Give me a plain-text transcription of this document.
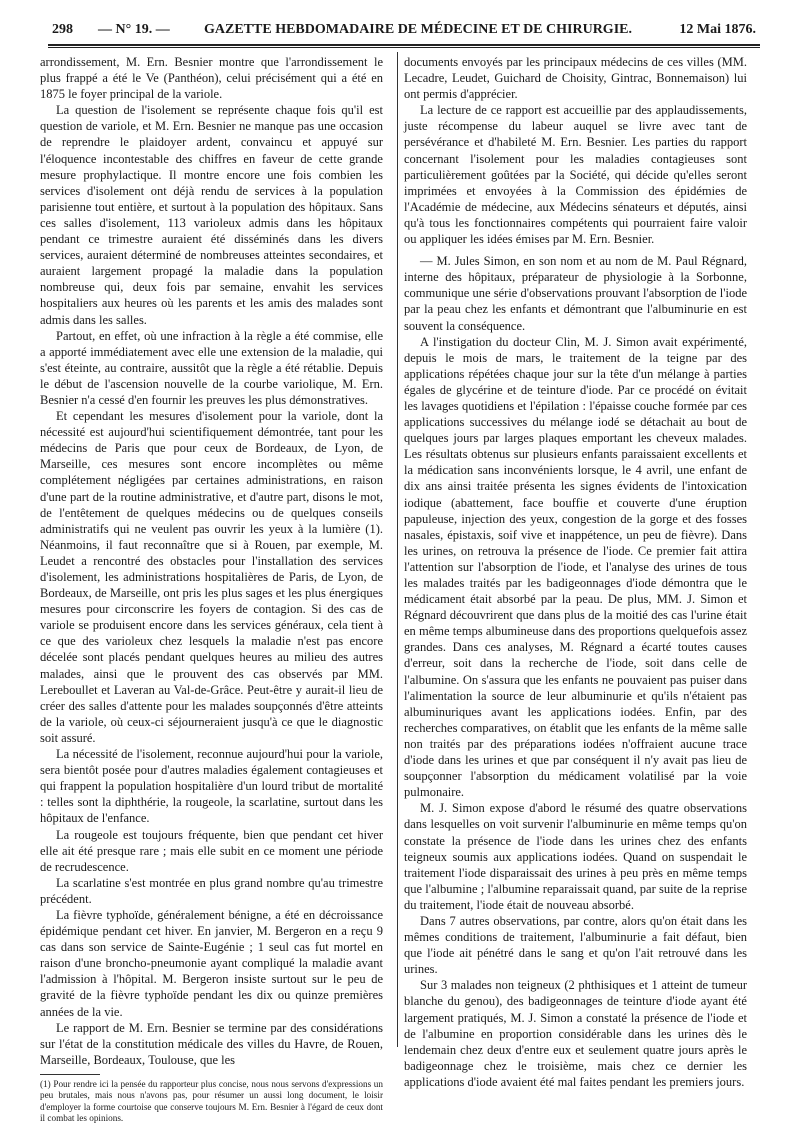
298 — N° 19. — GAZETTE HEBDOMADAIRE DE MÉDECINE ET DE CHIRURGIE.	12 Mai 1876.

arrondissement, M. Ern. Besnier montre que l'arrondissement le plus frappé a été le Ve (Panthéon), celui précisément qui a été en 1875 le foyer principal de la variole.

La question de l'isolement se représente chaque fois qu'il est question de variole, et M. Ern. Besnier ne manque pas une occasion de reprendre le plaidoyer ardent, convaincu et appuyé sur l'éloquence incontestable des chiffres en faveur de cette grande mesure prophylactique. Il montre encore une fois combien les services d'isolement ont déjà rendu de services à la population parisienne tout entière, et surtout à la population des hôpitaux. Sans ces salles d'isolement, 113 varioleux admis dans les hôpitaux pendant ce trimestre auraient été disséminés dans les divers services, auraient déterminé de nombreuses atteintes secondaires, et auraient largement propagé la maladie dans la population nombreuse qui, deux fois par semaine, envahit les services hospitaliers aux heures où les parents et les amis des malades sont admis dans les salles.

Partout, en effet, où une infraction à la règle a été commise, elle a apporté immédiatement avec elle une extension de la maladie, qui s'est éteinte, au contraire, aussitôt que la règle a été rétablie. Depuis le début de l'ascension nouvelle de la courbe variolique, M. Ern. Besnier n'a cessé d'en fournir les preuves les plus démonstratives.

Et cependant les mesures d'isolement pour la variole, dont la nécessité est aujourd'hui scientifiquement démontrée, tant pour les médecins de Paris que pour ceux de Bordeaux, de Lyon, de Marseille, ces mesures sont encore incomplètes ou même complétement négligées par certaines administrations, en raison d'une part de la routine administrative, et d'autre part, disons le mot, de l'entêtement de quelques médecins ou de quelques conseils administratifs qui ne veulent pas ouvrir les yeux à la lumière (1). Néanmoins, il faut reconnaître que si à Rouen, par exemple, M. Leudet a rencontré des obstacles pour l'installation des services d'isolement, les administrations hospitalières de Paris, de Lyon, de Bordeaux, de Marseille, ont pris les plus sages et les plus énergiques mesures pour circonscrire les foyers de contagion. Si des cas de variole se produisent encore dans les services généraux, cela tient à ce que des varioleux chez lesquels la maladie n'est pas encore décelée sont placés pendant quelques heures au milieu des autres malades, ainsi que le prouvent des cas observés par MM. Lereboullet et Laveran au Val-de-Grâce. Peut-être y aurait-il lieu de créer des salles d'attente pour les malades soupçonnés d'être atteints de la variole, où ceux-ci séjourneraient jusqu'à ce que le diagnostic soit assuré.

La nécessité de l'isolement, reconnue aujourd'hui pour la variole, sera bientôt posée pour d'autres maladies également contagieuses et qui frappent la population hospitalière d'un lourd tribut de mortalité : telles sont la diphthérie, la rougeole, la scarlatine, surtout dans les hôpitaux de l'enfance.

La rougeole est toujours fréquente, bien que pendant cet hiver elle ait été presque rare ; mais elle subit en ce moment une période de recrudescence.

La scarlatine s'est montrée en plus grand nombre qu'au trimestre précédent.

La fièvre typhoïde, généralement bénigne, a été en décroissance épidémique pendant cet hiver. En janvier, M. Bergeron en a reçu 9 cas dans son service de Sainte-Eugénie ; 1 seul cas fut mortel en raison d'une broncho-pneumonie ayant compliqué la maladie avant l'admission à l'hôpital. M. Bergeron insiste surtout sur le peu de gravité de la fièvre typhoïde pendant les dix ou quinze premières années de la vie.

Le rapport de M. Ern. Besnier se termine par des considérations sur l'état de la constitution médicale des villes du Havre, de Rouen, Marseille, Bordeaux, Toulouse, que les

(1) Pour rendre ici la pensée du rapporteur plus concise, nous nous servons d'expressions un peu brutales, mais nous n'avons pas, pour résumer un aussi long document, le loisir d'employer la forme courtoise que conserve toujours M. Ern. Besnier à l'égard de ceux dont il combat les opinions.

documents envoyés par les principaux médecins de ces villes (MM. Lecadre, Leudet, Guichard de Choisity, Gintrac, Bonnemaison) lui ont permis d'apprécier.

La lecture de ce rapport est accueillie par des applaudissements, juste récompense du labeur auquel se livre avec tant de persévérance et d'habileté M. Ern. Besnier. Les parties du rapport concernant l'isolement pour les maladies contagieuses sont particulièrement goûtées par la Société, qui décide qu'elles seront imprimées et envoyées à la Commission des épidémies de l'Académie de médecine, aux Médecins sénateurs et députés, ainsi qu'à tous les fonctionnaires compétents qui pourraient faire valoir ou appliquer les idées émises par M. Ern. Besnier.

— M. Jules Simon, en son nom et au nom de M. Paul Régnard, interne des hôpitaux, préparateur de physiologie à la Sorbonne, communique une série d'observations prouvant l'absorption de l'iode par la peau chez les enfants et démontrant que l'albuminurie en est souvent la conséquence.

A l'instigation du docteur Clin, M. J. Simon avait expérimenté, depuis le mois de mars, le traitement de la teigne par des applications répétées chaque jour sur la tête d'un mélange à parties égales de glycérine et de teinture d'iode. Par ce procédé on évitait les lavages quotidiens et l'épilation : l'épaisse couche formée par ces applications successives du mélange iodé se détachait au bout de quelques jours par larges plaques emportant les cheveux malades. Les résultats obtenus sur plusieurs enfants paraissaient excellents et la médication sans inconvénients lorsque, le 4 avril, une enfant de dix ans ainsi traitée présenta les signes évidents de l'intoxication iodique (abattement, face bouffie et couverte d'une éruption papuleuse, injection des yeux, congestion de la gorge et des fosses nasales, épistaxis, soif vive et inappétence, un peu de fièvre). Dans les urines, on retrouva la présence de l'iode. Ce premier fait attira l'attention sur l'absorption de l'iode, et l'analyse des urines de tous les malades traités par les badigeonnages d'iode démontra que le médicament était absorbé par la peau. De plus, MM. J. Simon et Régnard découvrirent que dans plus de la moitié des cas l'urine était en même temps albumineuse dans des proportions quelquefois assez grandes. Dans ces analyses, M. Régnard a écarté toutes causes d'erreur, soit dans la recherche de l'iode, soit dans celle de l'albumine. On s'assura que les enfants ne pouvaient pas puiser dans l'alimentation la source de leur albuminurie et qu'ils n'étaient pas albuminuriques avant les applications iodées. Enfin, par des recherches comparatives, on établit que les enfants de la même salle non traités par des préparations iodées n'offraient aucune trace d'iode dans les urines et que par conséquent il n'y avait pas lieu de soupçonner l'absorption du médicament volatilisé par la voie pulmonaire.

M. J. Simon expose d'abord le résumé des quatre observations dans lesquelles on voit survenir l'albuminurie en même temps qu'on constate la présence de l'iode dans les urines chez des enfants teigneux soumis aux applications iodées. Quand on suspendait le traitement l'iode disparaissait des urines à peu près en même temps que l'albumine ; l'albumine reparaissait quand, par suite de la reprise du traitement, l'iode était de nouveau absorbé.

Dans 7 autres observations, par contre, alors qu'on était dans les mêmes conditions de traitement, l'albuminurie a fait défaut, bien que l'iode ait pénétré dans le sang et qu'on l'ait retrouvé dans les urines.

Sur 3 malades non teigneux (2 phthisiques et 1 atteint de tumeur blanche du genou), des badigeonnages de teinture d'iode ayant été largement pratiqués, M. J. Simon a constaté la présence de l'iode et de l'albumine en proportion considérable dans les urines dès le lendemain chez deux d'entre eux et seulement quatre jours après le badigeonnage chez le troisième, mais chez ce dernier les applications d'iode avaient été mal faites pendant les premiers jours.
